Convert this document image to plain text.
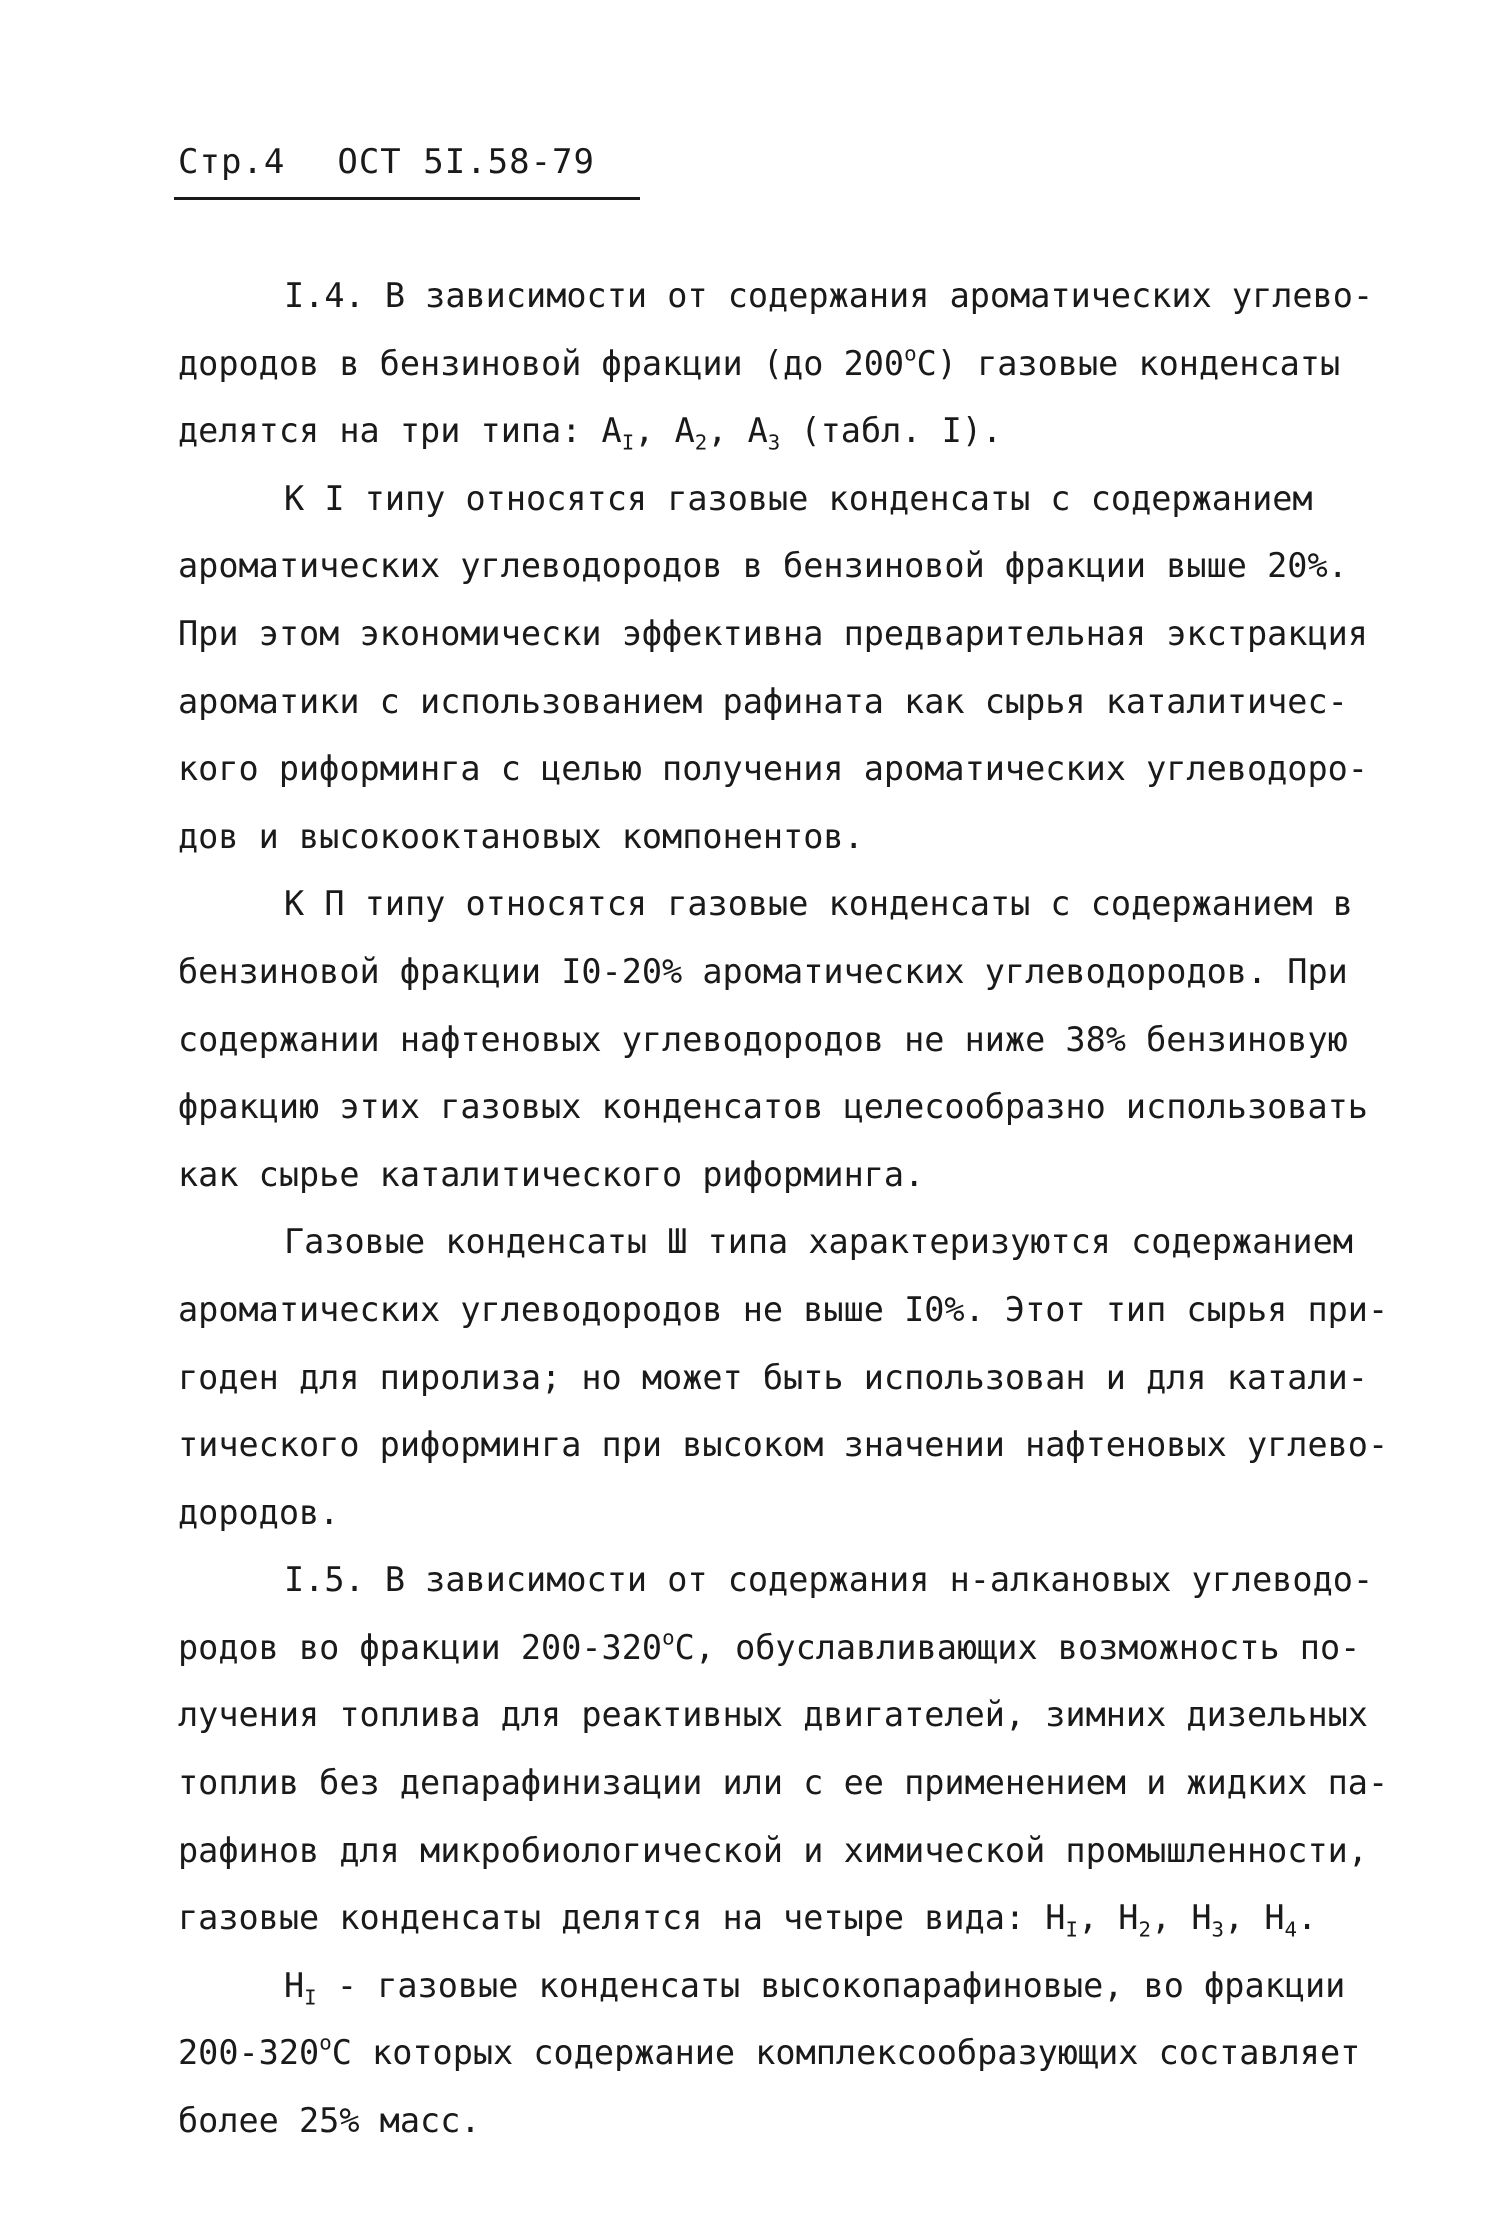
Стр.4 ОСТ 5I.58-79
I.4. В зависимости от содержания ароматических углево-
дородов в бензиновой фракции (до $200^оС$) газовые конденсаты
делятся на три типа: $А_I$, $А_2$, $А_3$ (табл. I).
К I типу относятся газовые конденсаты с содержанием
ароматических углеводородов в бензиновой фракции выше 20%.
При этом экономически эффективна предварительная экстракция
ароматики с использованием рафината как сырья каталитичес-
кого риформинга с целью получения ароматических углеводоро-
дов и высокооктановых компонентов.
К П типу относятся газовые конденсаты с содержанием в
бензиновой фракции I0-20% ароматических углеводородов. При
содержании нафтеновых углеводородов не ниже 38% бензиновую
фракцию этих газовых конденсатов целесообразно использовать
как сырье каталитического риформинга.
Газовые конденсаты Ш типа характеризуются содержанием
ароматических углеводородов не выше I0%. Этот тип сырья при-
годен для пиролиза; но может быть использован и для катали-
тического риформинга при высоком значении нафтеновых углево-
дородов.
I.5. В зависимости от содержания н-алкановых углеводо-
родов во фракции $200-320^оС$, обуславливающих возможность по-
лучения топлива для реактивных двигателей, зимних дизельных
топлив без депарафинизации или с ее применением и жидких па-
рафинов для микробиологической и химической промышленности,
газовые конденсаты делятся на четыре вида: $Н_I$, $Н_2$, $Н_3$, $Н_4$.
$Н_I$ - газовые конденсаты высокопарафиновые, во фракции
$200-320^оС$ которых содержание комплексообразующих составляет
более 25% масс.
